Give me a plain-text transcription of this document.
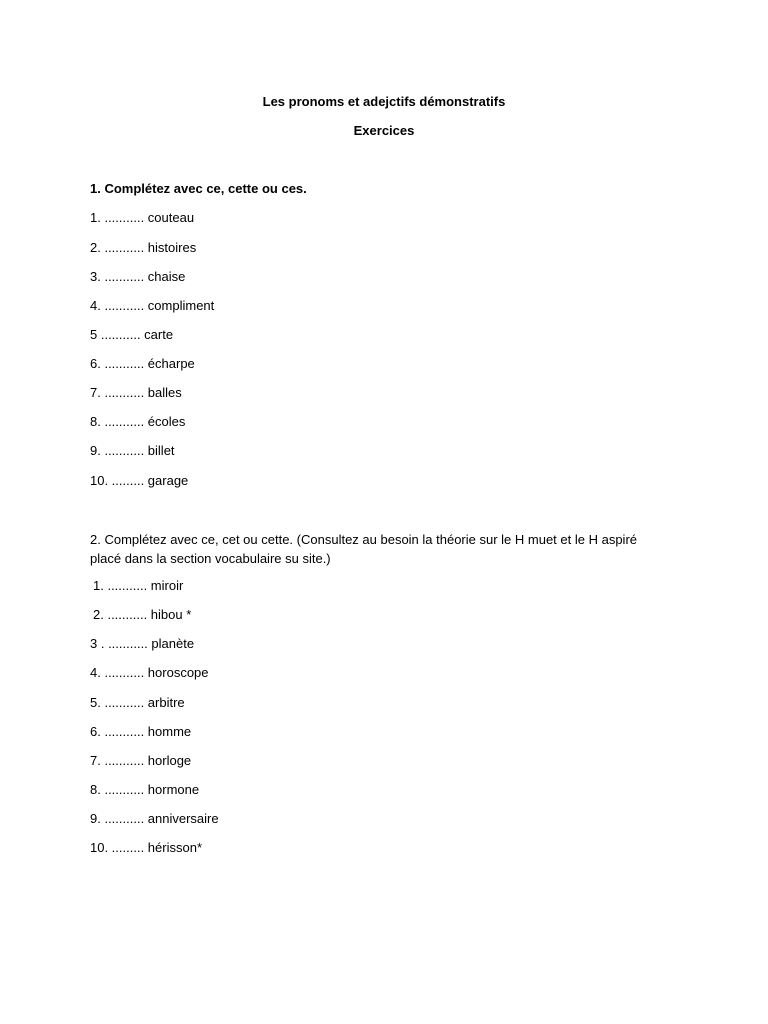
Les pronoms et adejctifs démonstratifs
Exercices
1. Complétez avec ce, cette ou ces.
1. ........... couteau
2. ........... histoires
3. ........... chaise
4. ........... compliment
5 ........... carte
6. ........... écharpe
7. ........... balles
8. ........... écoles
9. ........... billet
10. ......... garage
2. Complétez avec ce, cet ou cette. (Consultez au besoin la théorie sur le H muet et le H aspiré placé dans la section vocabulaire su site.)
1. ........... miroir
2. ........... hibou *
3 . ........... planète
4. ........... horoscope
5. ........... arbitre
6. ........... homme
7. ........... horloge
8. ........... hormone
9. ........... anniversaire
10. ......... hérisson*
